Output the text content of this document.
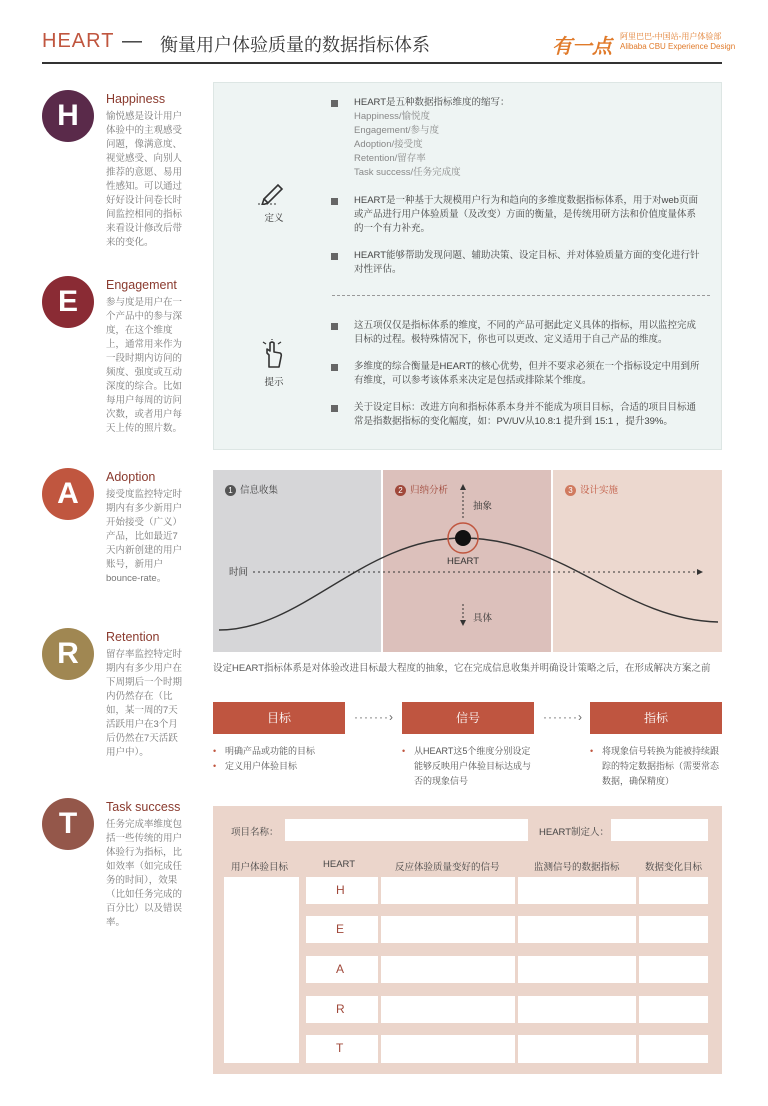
HEART — 衡量用户体验质量的数据指标体系	有一点 阿里巴巴-中国站-用户体验部
Alibaba CBU Experience Design
H	Happiness
愉悦感是设计用户体验中的主观感受问题，像满意度、视觉感受、向别人推荐的意愿、易用性感知。可以通过好好设计问卷长时间监控相同的指标来看设计修改后带来的变化。
E	Engagement
参与度是用户在一个产品中的参与深度，在这个维度上，通常用来作为一段时期内访问的频度、强度或互动深度的综合。比如每用户每周的访问次数，或者用户每天上传的照片数。
A	Adoption
接受度监控特定时期内有多少新用户开始接受（广义）产品，比如最近7天内新创建的用户账号，新用户bounce-rate。
R	Retention
留存率监控特定时期内有多少用户在下周期后一个时期内仍然存在（比如，某一周的7天活跃用户在3个月后仍然在7天活跃用户中）。
T	Task success
任务完成率维度包括一些传统的用户体验行为指标，比如效率（如完成任务的时间），效果（比如任务完成的百分比）以及错误率。
定义
HEART是五种数据指标维度的缩写：
Happiness/愉悦度
Engagement/参与度
Adoption/接受度
Retention/留存率
Task success/任务完成度
HEART是一种基于大规模用户行为和趋向的多维度数据指标体系，用于对web页面或产品进行用户体验质量（及改变）方面的衡量，是传统用研方法和价值度量体系的一个有力补充。
HEART能够帮助发现问题、辅助决策、设定目标、并对体验质量方面的变化进行针对性评估。
提示
这五项仅仅是指标体系的维度，不同的产品可据此定义具体的指标，用以监控完成目标的过程。极特殊情况下，你也可以更改、定义适用于自己产品的维度。
多维度的综合衡量是HEART的核心优势，但并不要求必须在一个指标设定中用到所有维度，可以参考该体系来决定是包括或排除某个维度。
关于设定目标：改进方向和指标体系本身并不能成为项目目标，合适的项目目标通常是指数据指标的变化幅度，如：PV/UV从10.8:1 提升到 15:1 ，提升39%。
1 信息收集	2 归纳分析	3 设计实施
抽象
具体
时间
HEART
设定HEART指标体系是对体验改进目标最大程度的抽象，它在完成信息收集并明确设计策略之后，在形成解决方案之前
目标	·······›	信号	·······›	指标
• 明确产品或功能的目标
• 定义用户体验目标
• 从HEART这5个维度分别设定能够反映用户体验目标达成与否的现象信号
• 将现象信号转换为能被持续跟踪的特定数据指标（需要常态数据，确保精度）
项目名称：	HEART制定人：
用户体验目标	HEART	反应体验质量变好的信号	监测信号的数据指标	数据变化目标
H
E
A
R
T
